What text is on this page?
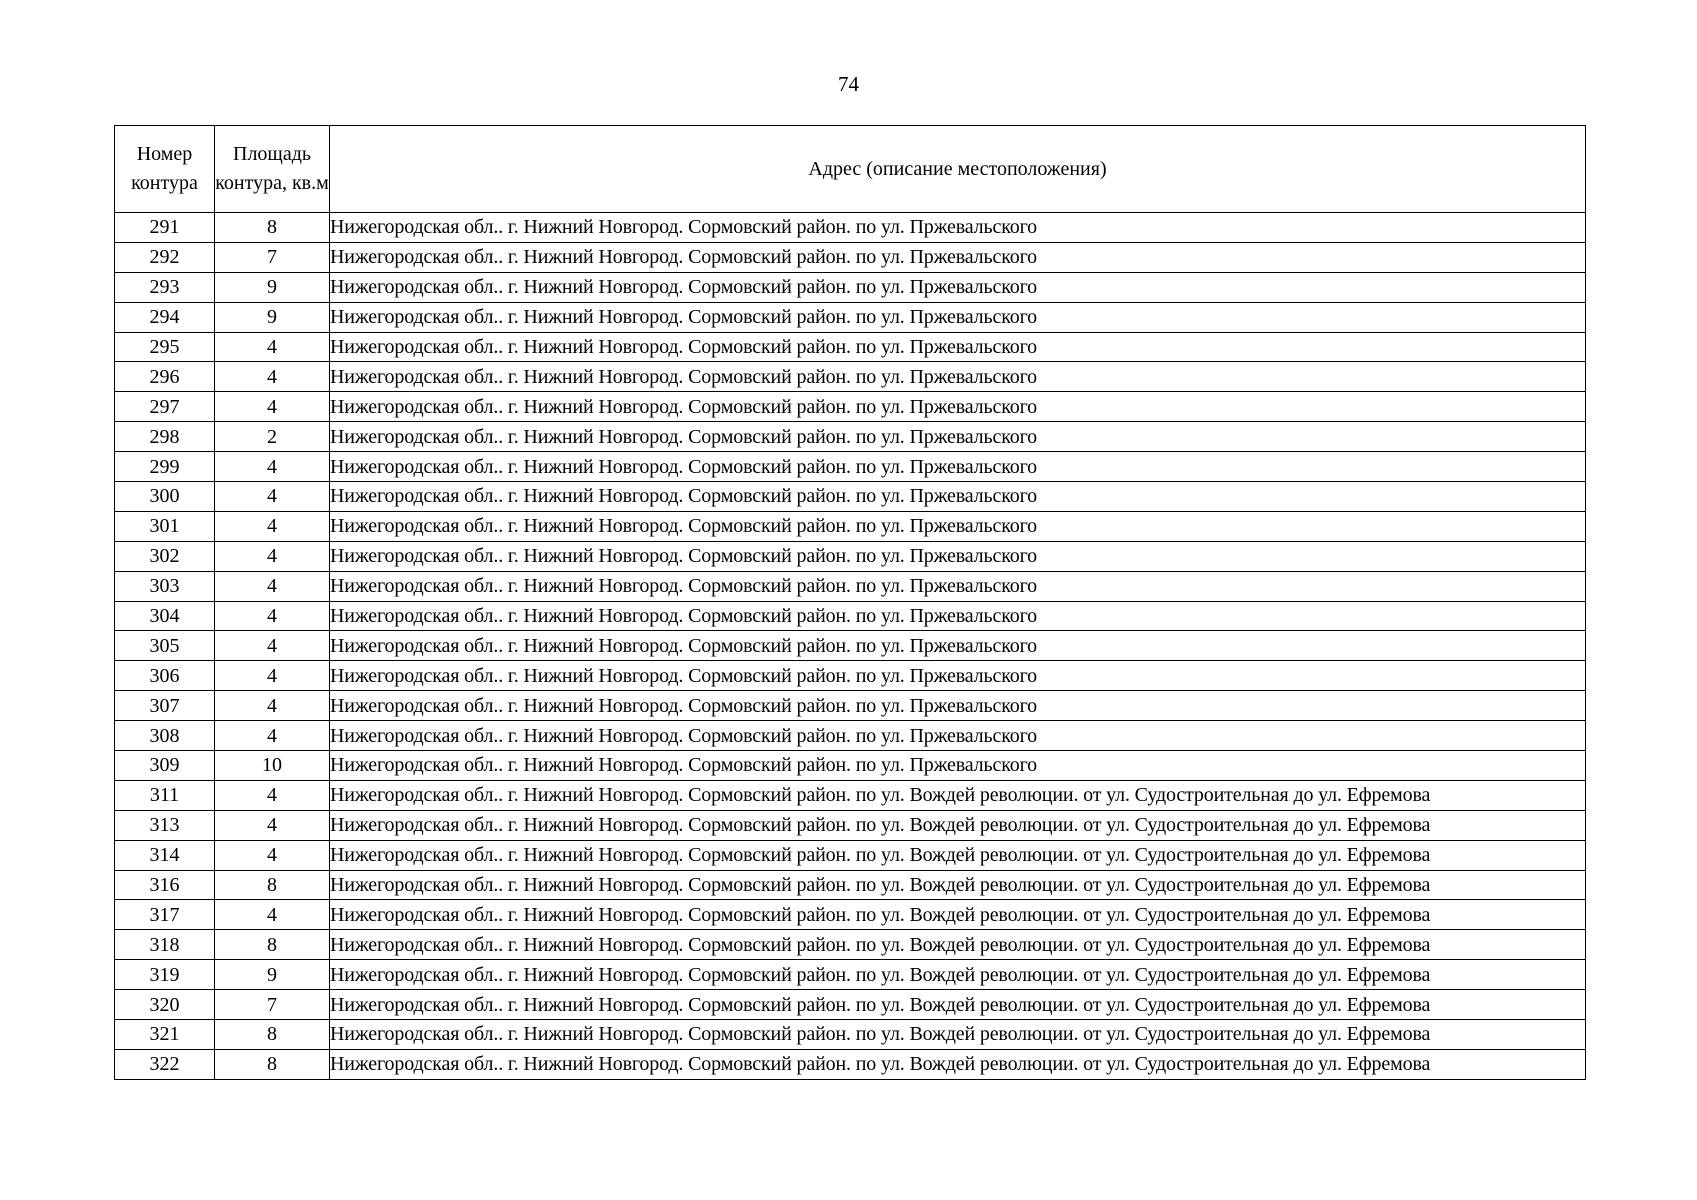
74
Номер контура	Площадь контура, кв.м	Адрес (описание местоположения)
291	8	Нижегородская обл.. г. Нижний Новгород. Сормовский район. по ул. Пржевальского
292	7	Нижегородская обл.. г. Нижний Новгород. Сормовский район. по ул. Пржевальского
293	9	Нижегородская обл.. г. Нижний Новгород. Сормовский район. по ул. Пржевальского
294	9	Нижегородская обл.. г. Нижний Новгород. Сормовский район. по ул. Пржевальского
295	4	Нижегородская обл.. г. Нижний Новгород. Сормовский район. по ул. Пржевальского
296	4	Нижегородская обл.. г. Нижний Новгород. Сормовский район. по ул. Пржевальского
297	4	Нижегородская обл.. г. Нижний Новгород. Сормовский район. по ул. Пржевальского
298	2	Нижегородская обл.. г. Нижний Новгород. Сормовский район. по ул. Пржевальского
299	4	Нижегородская обл.. г. Нижний Новгород. Сормовский район. по ул. Пржевальского
300	4	Нижегородская обл.. г. Нижний Новгород. Сормовский район. по ул. Пржевальского
301	4	Нижегородская обл.. г. Нижний Новгород. Сормовский район. по ул. Пржевальского
302	4	Нижегородская обл.. г. Нижний Новгород. Сормовский район. по ул. Пржевальского
303	4	Нижегородская обл.. г. Нижний Новгород. Сормовский район. по ул. Пржевальского
304	4	Нижегородская обл.. г. Нижний Новгород. Сормовский район. по ул. Пржевальского
305	4	Нижегородская обл.. г. Нижний Новгород. Сормовский район. по ул. Пржевальского
306	4	Нижегородская обл.. г. Нижний Новгород. Сормовский район. по ул. Пржевальского
307	4	Нижегородская обл.. г. Нижний Новгород. Сормовский район. по ул. Пржевальского
308	4	Нижегородская обл.. г. Нижний Новгород. Сормовский район. по ул. Пржевальского
309	10	Нижегородская обл.. г. Нижний Новгород. Сормовский район. по ул. Пржевальского
311	4	Нижегородская обл.. г. Нижний Новгород. Сормовский район. по ул. Вождей революции. от ул. Судостроительная до ул. Ефремова
313	4	Нижегородская обл.. г. Нижний Новгород. Сормовский район. по ул. Вождей революции. от ул. Судостроительная до ул. Ефремова
314	4	Нижегородская обл.. г. Нижний Новгород. Сормовский район. по ул. Вождей революции. от ул. Судостроительная до ул. Ефремова
316	8	Нижегородская обл.. г. Нижний Новгород. Сормовский район. по ул. Вождей революции. от ул. Судостроительная до ул. Ефремова
317	4	Нижегородская обл.. г. Нижний Новгород. Сормовский район. по ул. Вождей революции. от ул. Судостроительная до ул. Ефремова
318	8	Нижегородская обл.. г. Нижний Новгород. Сормовский район. по ул. Вождей революции. от ул. Судостроительная до ул. Ефремова
319	9	Нижегородская обл.. г. Нижний Новгород. Сормовский район. по ул. Вождей революции. от ул. Судостроительная до ул. Ефремова
320	7	Нижегородская обл.. г. Нижний Новгород. Сормовский район. по ул. Вождей революции. от ул. Судостроительная до ул. Ефремова
321	8	Нижегородская обл.. г. Нижний Новгород. Сормовский район. по ул. Вождей революции. от ул. Судостроительная до ул. Ефремова
322	8	Нижегородская обл.. г. Нижний Новгород. Сормовский район. по ул. Вождей революции. от ул. Судостроительная до ул. Ефремова
